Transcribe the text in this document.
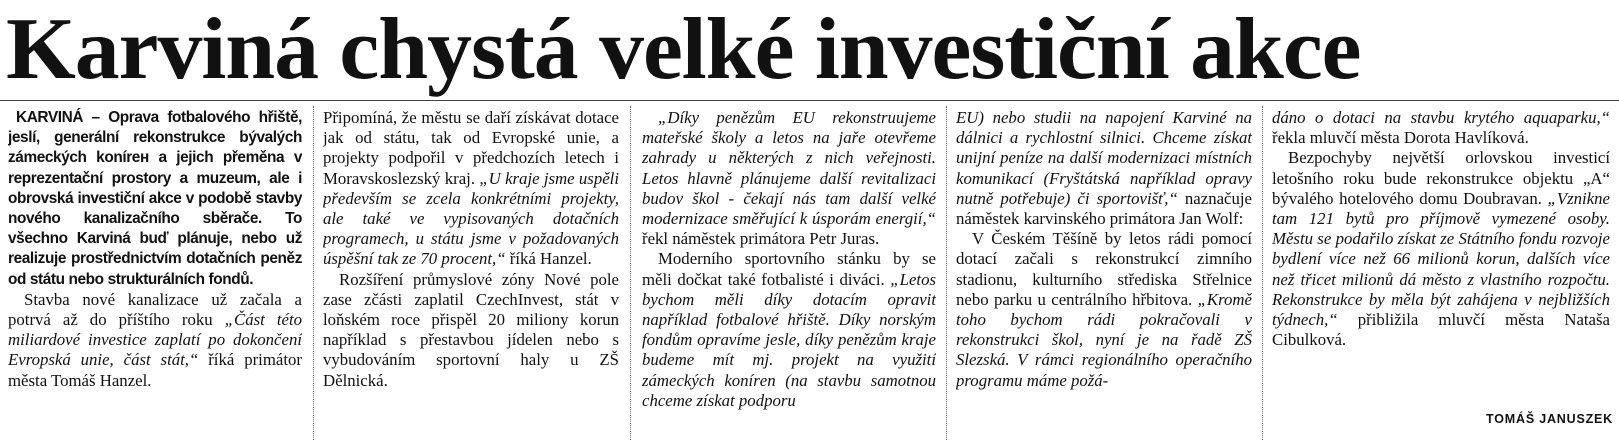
Karviná chystá velké investiční akce

KARVINÁ – Oprava fotbalového hřiště, jeslí, generální rekonstrukce bývalých zámeckých konírен a jejich přeměna v reprezentační prostory a muzeum, ale i obrovská investiční akce v podobě stavby nového kanalizačního sběrače. To všechno Karviná buď plánuje, nebo už realizuje prostřednictvím dotačních peněz od státu nebo strukturálních fondů.

Stavba nové kanalizace už začala a potrvá až do příštího roku „Část této miliardové investice zaplatí po dokončení Evropská unie, část stát,“ říká primátor města Tomáš Hanzel.

Připomíná, že městu se daří získávat dotace jak od státu, tak od Evropské unie, a projekty podpořil v předchozích letech i Moravskoslezský kraj. „U kraje jsme uspěli především se zcela konkrétními projekty, ale také ve vypisovaných dotačních programech, u státu jsme v požadovaných úspěšní tak ze 70 procent,“ říká Hanzel.

Rozšíření průmyslové zóny Nové pole zase zčásti zaplatil CzechInvest, stát v loňském roce přispěl 20 miliony korun například s přestavbou jídelen nebo s vybudováním sportovní haly u ZŠ Dělnická.

„Díky penězům EU rekonstruujeme mateřské školy a letos na jaře otevřeme zahrady u některých z nich veřejnosti. Letos hlavně plánujeme další revitalizaci budov škol - čekají nás tam další velké modernizace směřující k úsporám energií,“ řekl náměstek primátora Petr Juras.

Moderního sportovního stánku by se měli dočkat také fotbalisté i diváci. „Letos bychom měli díky dotacím opravit například fotbalové hřiště. Díky norským fondům opravíme jesle, díky penězům kraje budeme mít mj. projekt na využití zámeckých konírеn (na stavbu samotnou chceme získat podporu

EU) nebo studii na napojení Karviné na dálnici a rychlostní silnici. Chceme získat unijní peníze na další modernizaci místních komunikací (Fryštátská například opravy nutně potřebuje) či sportovišť,“ naznačuje náměstek karvinského primátora Jan Wolf:

V Českém Těšíně by letos rádi pomocí dotací začali s rekonstrukcí zimního stadionu, kulturního střediska Střelnice nebo parku u centrálního hřbitova. „Kromě toho bychom rádi pokračovali v rekonstrukci škol, nyní je na řadě ZŠ Slezská. V rámci regionálního operačního programu máme požá-

dáno o dotaci na stavbu krytého aquaparku,“ řekla mluvčí města Dorota Havlíková.

Bezpochyby největší orlovskou investicí letošního roku bude rekonstrukce objektu „A“ bývalého hotelového domu Doubravan. „Vznikne tam 121 bytů pro příjmově vymezené osoby. Městu se podařilo získat ze Státního fondu rozvoje bydlení více než 66 milionů korun, dalších více než třicet milionů dá město z vlastního rozpočtu. Rekonstrukce by měla být zahájena v nejbližších týdnech,“ přibližila mluvčí města Nataša Cibulková.

TOMÁŠ JANUSZEK
